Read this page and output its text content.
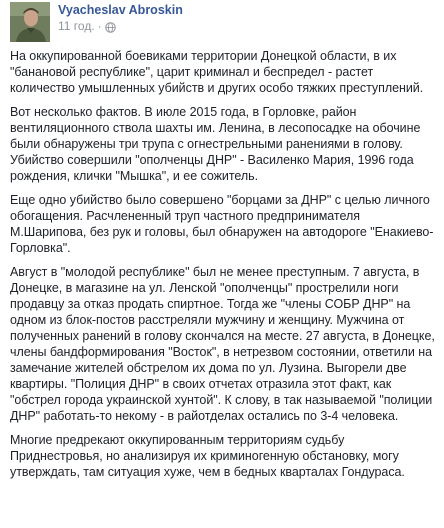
Vyacheslav Abroskin
11 год. ·

На оккупированной боевиками территории Донецкой области, в их "банановой республике", царит криминал и беспредел - растет количество умышленных убийств и других особо тяжких преступлений.

Вот несколько фактов. В июле 2015 года, в Горловке, район вентиляционного ствола шахты им. Ленина, в лесопосадке на обочине были обнаружены три трупа с огнестрельными ранениями в голову. Убийство совершили "ополченцы ДНР" - Василенко Мария, 1996 года рождения, клички "Мышка", и ее сожитель.

Еще одно убийство было совершено "борцами за ДНР" с целью личного обогащения. Расчлененный труп частного предпринимателя М.Шарипова, без рук и головы, был обнаружен на автодороге "Енакиево-Горловка".

Август в "молодой республике" был не менее преступным. 7 августа, в Донецке, в магазине на ул. Ленской "ополченцы" прострелили ноги продавцу за отказ продать спиртное. Тогда же "члены СОБР ДНР" на одном из блок-постов расстреляли мужчину и женщину. Мужчина от полученных ранений в голову скончался на месте. 27 августа, в Донецке, члены бандформирования "Восток", в нетрезвом состоянии, ответили на замечание жителей обстрелом их дома по ул. Лузина. Выгорели две квартиры. "Полиция ДНР" в своих отчетах отразила этот факт, как "обстрел города украинской хунтой". К слову, в так называемой "полиции ДНР" работать-то некому - в райотделах остались по 3-4 человека.

Многие предрекают оккупированным территориям судьбу Приднестровья, но анализируя их криминогенную обстановку, могу утверждать, там ситуация хуже, чем в бедных кварталах Гондураса.
